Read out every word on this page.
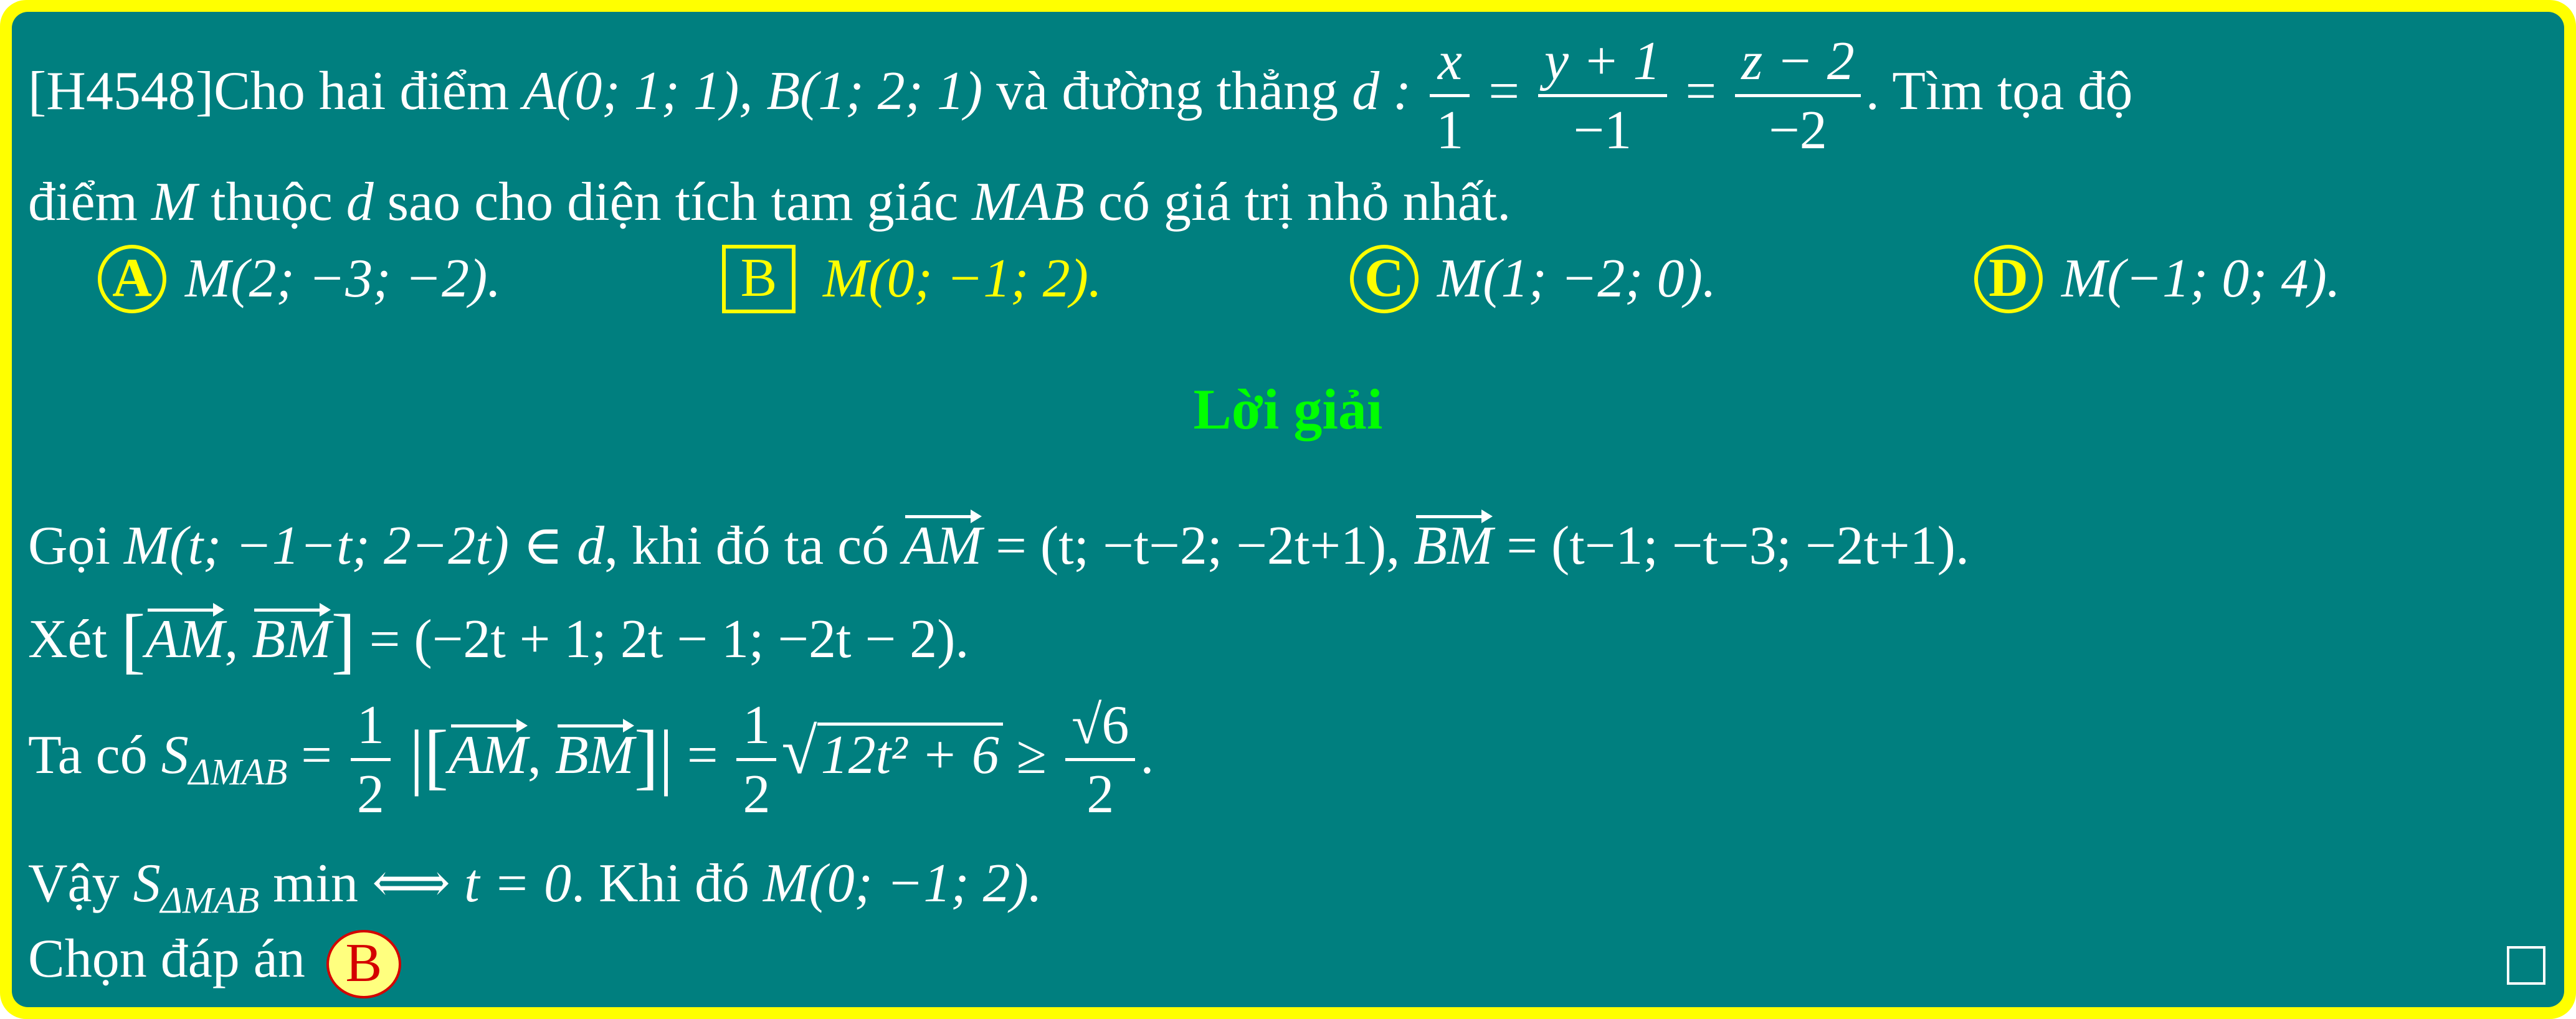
[H4548]Cho hai điểm A(0; 1; 1), B(1; 2; 1) và đường thẳng d : $\frac{x}{1} = \frac{y + 1}{-1} = \frac{z - 2}{-2}$ . Tìm tọa độ
điểm M thuộc d sao cho diện tích tam giác MAB có giá trị nhỏ nhất.
A M(2; −3; −2).	B M(0; −1; 2).	C M(1; −2; 0).	D M(−1; 0; 4).
Lời giải
Gọi M(t; −1−t; 2−2t) ∈ d, khi đó ta có AM = (t; −t−2; −2t+1), BM = (t−1; −t−3; −2t+1).
Xét [AM, BM] = (−2t + 1; 2t − 1; −2t − 2).
Ta có $S_{\Delta MAB} = \frac{1}{2} |[AM$, $BM]| = \frac{1}{2} √12t^2 + 6 \ge \frac{√6}{2}$ .
Vậy $S_{\Delta MAB}$ min ⟺ t = 0. Khi đó M(0; −1; 2).
Chọn đáp án B
